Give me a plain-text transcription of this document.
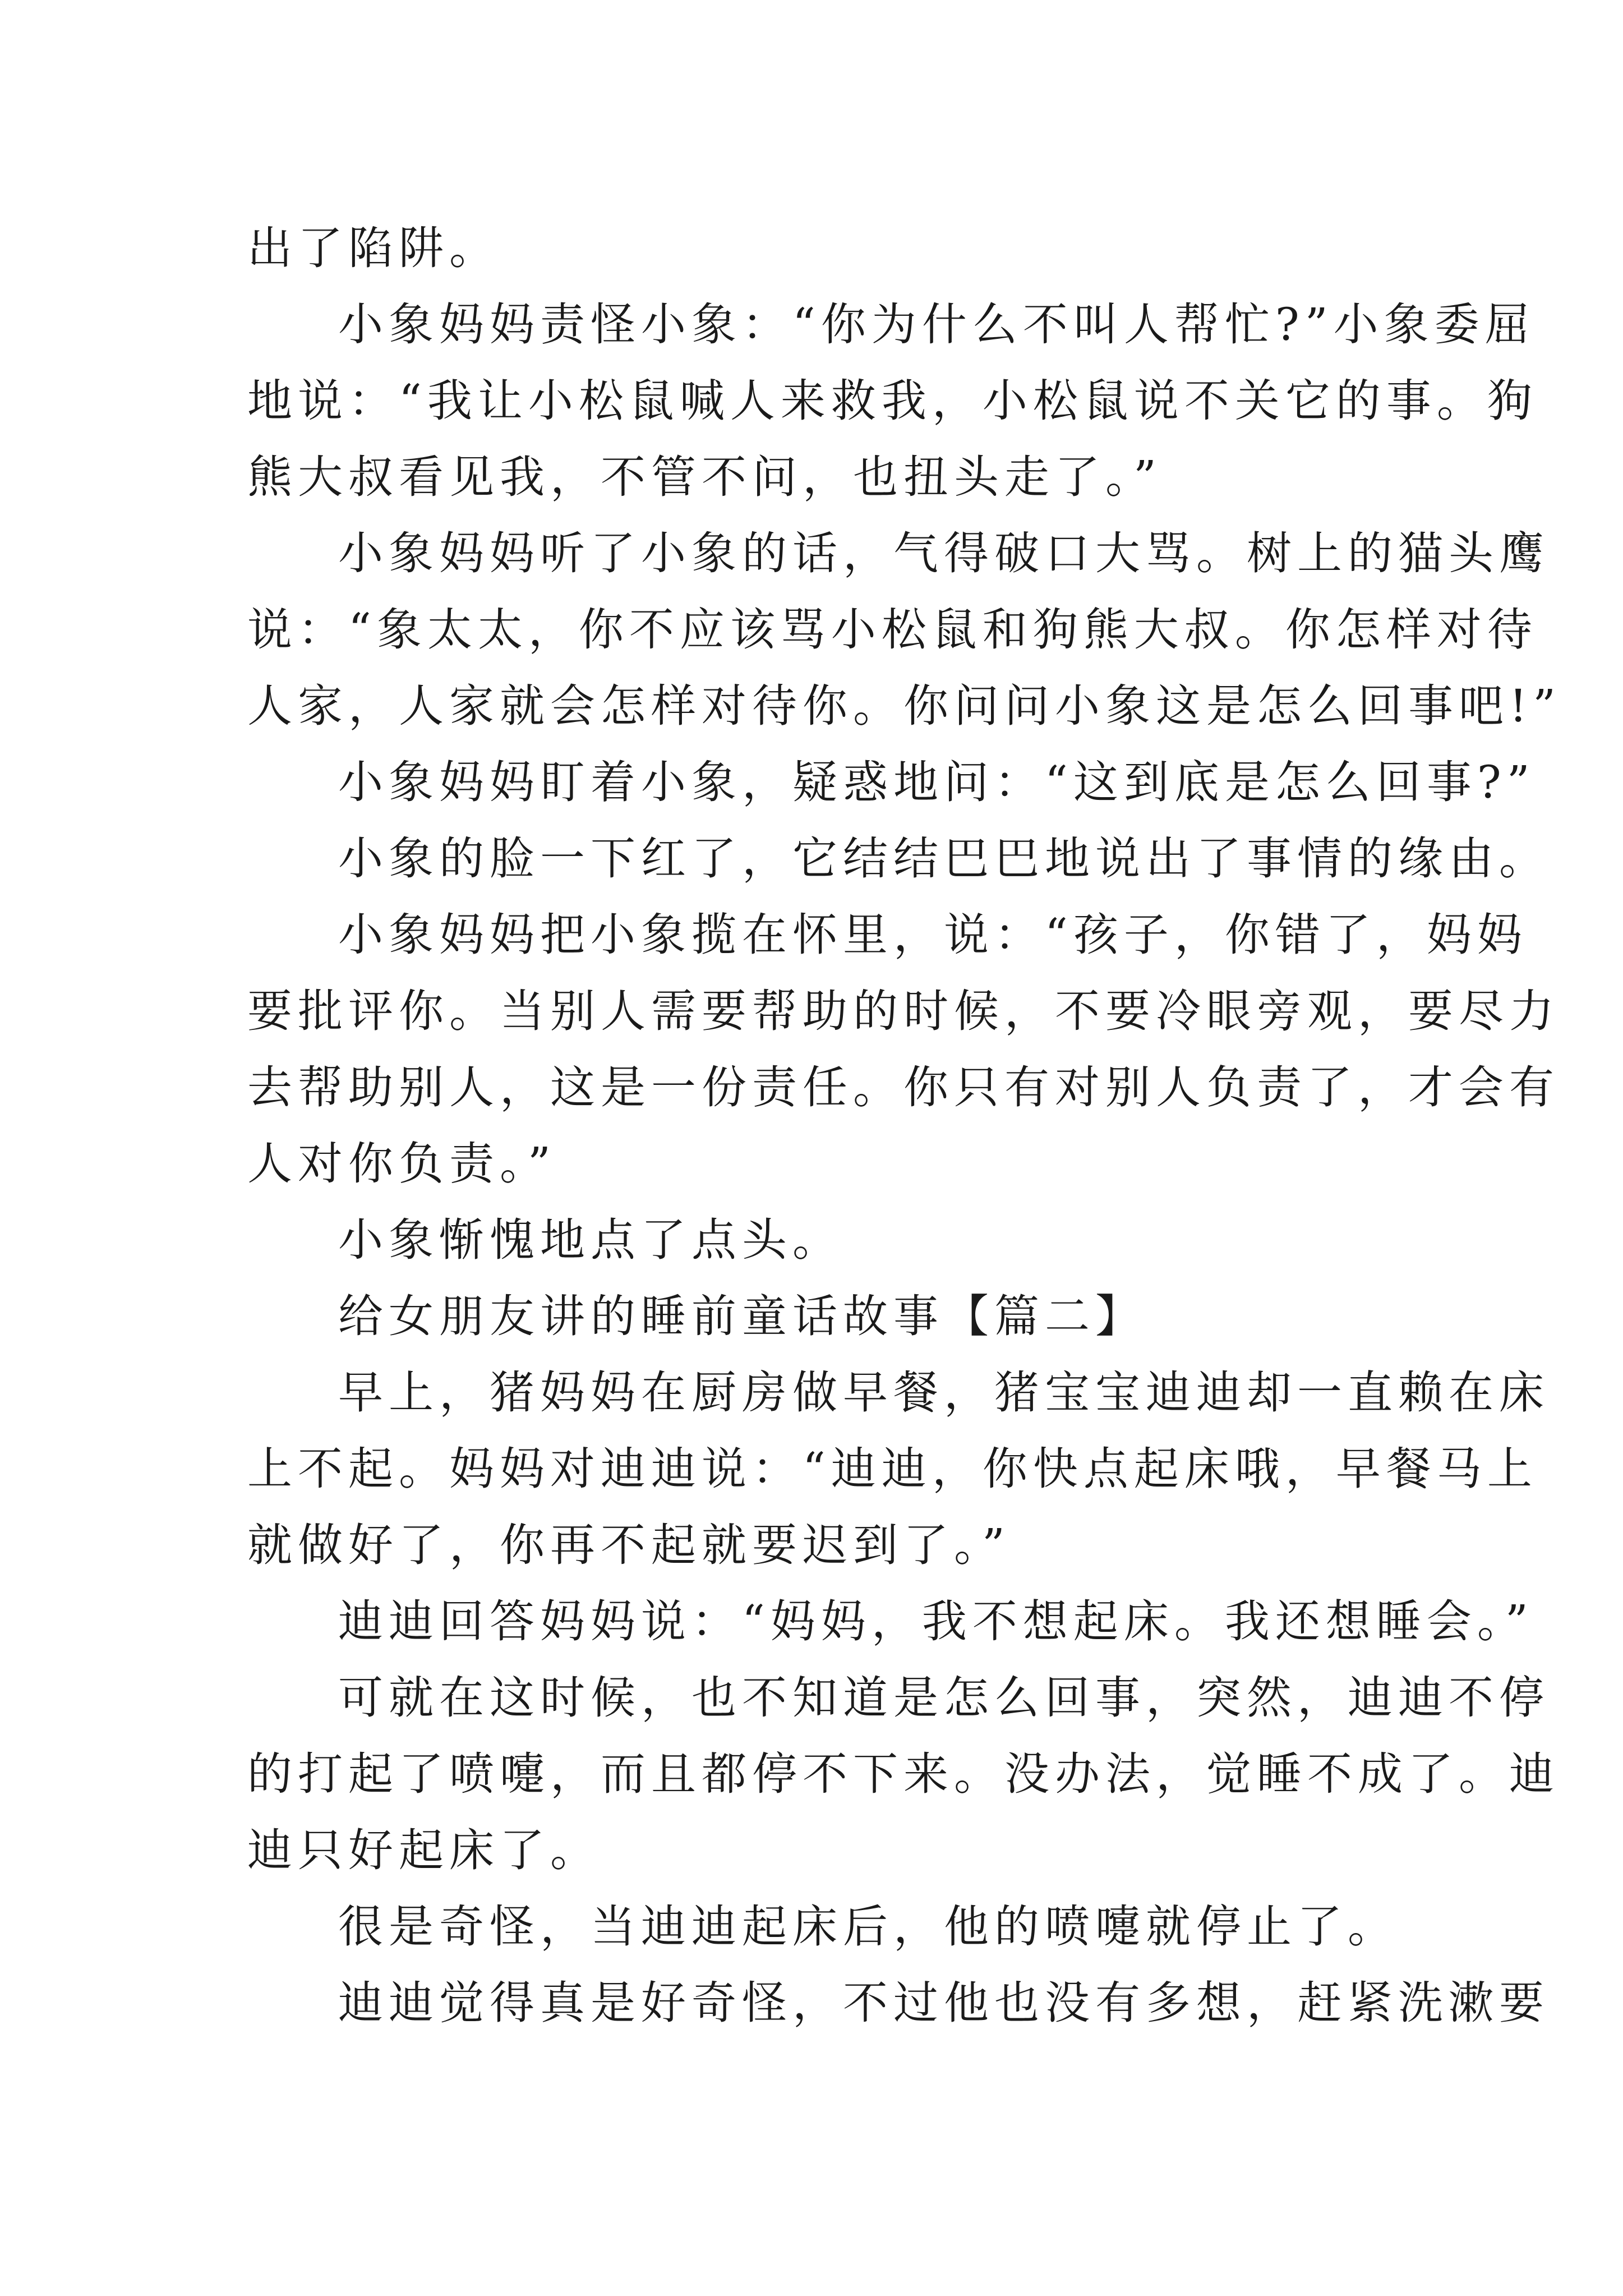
出了陷阱。
小象妈妈责怪小象：“你为什么不叫人帮忙?”小象委屈
地说：“我让小松鼠喊人来救我，小松鼠说不关它的事。狗
熊大叔看见我，不管不问，也扭头走了。”
小象妈妈听了小象的话，气得破口大骂。树上的猫头鹰
说：“象太太，你不应该骂小松鼠和狗熊大叔。你怎样对待
人家，人家就会怎样对待你。你问问小象这是怎么回事吧!”
小象妈妈盯着小象，疑惑地问：“这到底是怎么回事?”
小象的脸一下红了，它结结巴巴地说出了事情的缘由。
小象妈妈把小象揽在怀里，说：“孩子，你错了，妈妈
要批评你。当别人需要帮助的时候，不要冷眼旁观，要尽力
去帮助别人，这是一份责任。你只有对别人负责了，才会有
人对你负责。”
小象惭愧地点了点头。
给女朋友讲的睡前童话故事【篇二】
早上，猪妈妈在厨房做早餐，猪宝宝迪迪却一直赖在床
上不起。妈妈对迪迪说：“迪迪，你快点起床哦，早餐马上
就做好了，你再不起就要迟到了。”
迪迪回答妈妈说：“妈妈，我不想起床。我还想睡会。”
可就在这时候，也不知道是怎么回事，突然，迪迪不停
的打起了喷嚏，而且都停不下来。没办法，觉睡不成了。迪
迪只好起床了。
很是奇怪，当迪迪起床后，他的喷嚏就停止了。
迪迪觉得真是好奇怪，不过他也没有多想，赶紧洗漱要
